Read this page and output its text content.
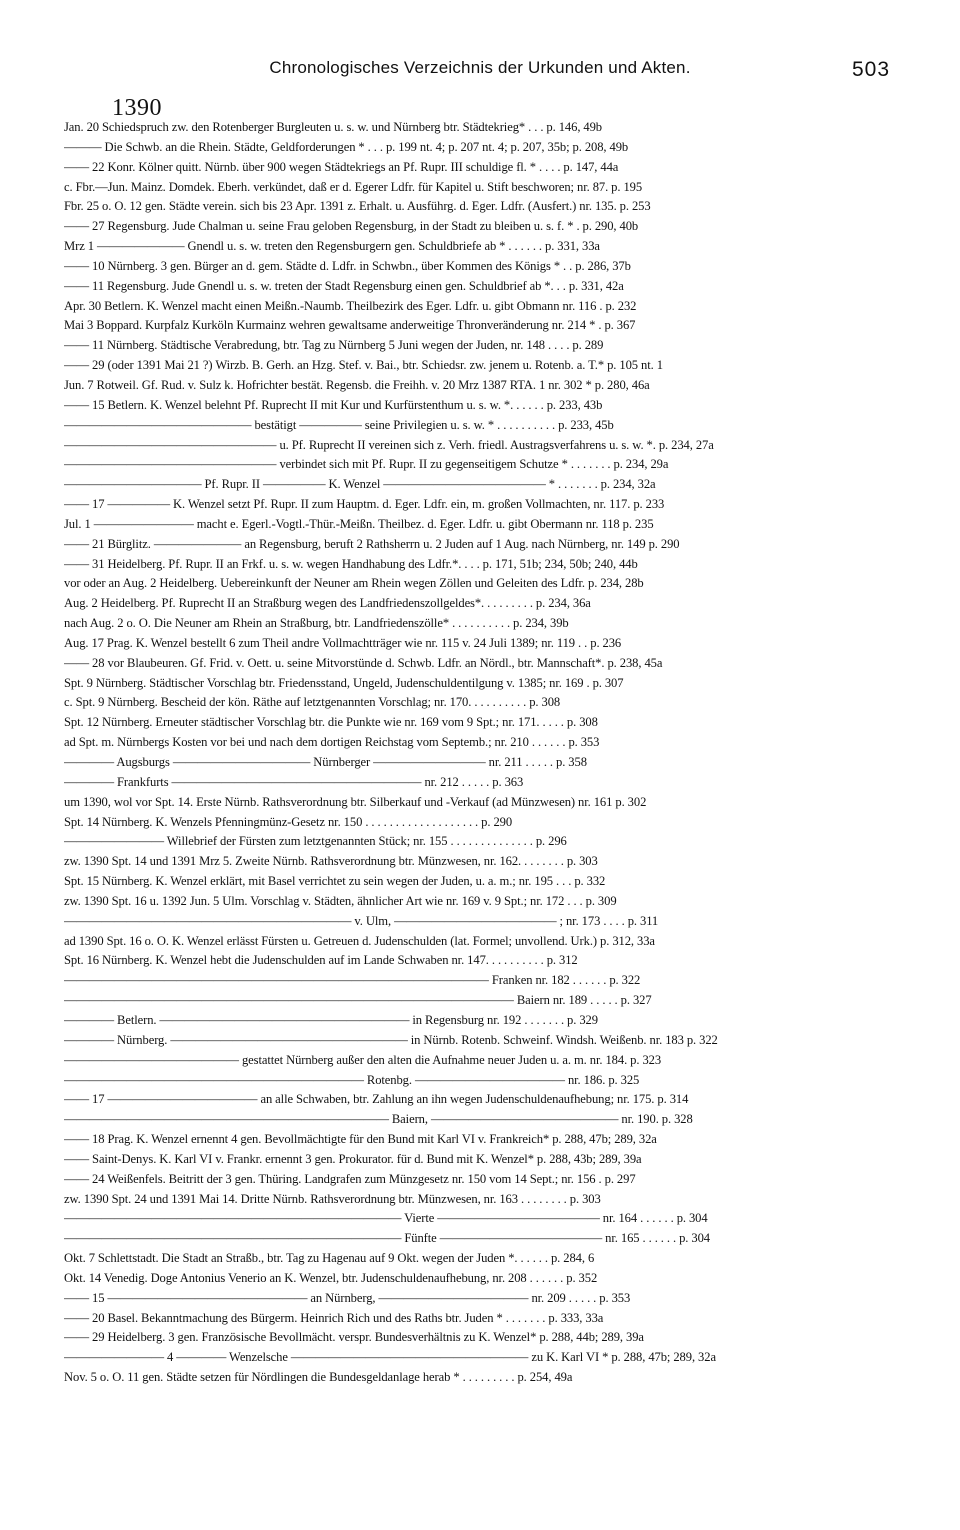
Chronologisches Verzeichnis der Urkunden und Akten.	503
1390
Jan. 20 Schiedspruch zw. den Rotenberger Burgleuten u. s. w. und Nürnberg btr. Städtekrieg* . . . p. 146, 49b
——— Die Schwb. an die Rhein. Städte, Geldforderungen * . . . p. 199 nt. 4; p. 207 nt. 4; p. 207, 35b; p. 208, 49b
—— 22 Konr. Kölner quitt. Nürnb. über 900 wegen Städtekriegs an Pf. Rupr. III schuldige fl. * . . . . p. 147, 44a
c. Fbr.—Jun. Mainz. Domdek. Eberh. verkündet, daß er d. Egerer Ldfr. für Kapitel u. Stift beschworen; nr. 87. p. 195
Fbr. 25 o. O. 12 gen. Städte verein. sich bis 23 Apr. 1391 z. Erhalt. u. Ausführg. d. Eger. Ldfr. (Ausfert.) nr. 135. p. 253
—— 27 Regensburg. Jude Chalman u. seine Frau geloben Regensburg, in der Stadt zu bleiben u. s. f. * . p. 290, 40b
Mrz 1 ——————— Gnendl u. s. w. treten den Regensburgern gen. Schuldbriefe ab * . . . . . . p. 331, 33a
—— 10 Nürnberg. 3 gen. Bürger an d. gem. Städte d. Ldfr. in Schwbn., über Kommen des Königs * . . p. 286, 37b
—— 11 Regensburg. Jude Gnendl u. s. w. treten der Stadt Regensburg einen gen. Schuldbrief ab *. . . p. 331, 42a
Apr. 30 Betlern. K. Wenzel macht einen Meißn.-Naumb. Theilbezirk des Eger. Ldfr. u. gibt Obmann nr. 116 . p. 232
Mai 3 Boppard. Kurpfalz Kurköln Kurmainz wehren gewaltsame anderweitige Thronveränderung nr. 214 * . p. 367
—— 11 Nürnberg. Städtische Verabredung, btr. Tag zu Nürnberg 5 Juni wegen der Juden, nr. 148 . . . . p. 289
—— 29 (oder 1391 Mai 21 ?) Wirzb. B. Gerh. an Hzg. Stef. v. Bai., btr. Schiedsr. zw. jenem u. Rotenb. a. T.* p. 105 nt. 1
Jun. 7 Rotweil. Gf. Rud. v. Sulz k. Hofrichter bestät. Regensb. die Freihh. v. 20 Mrz 1387 RTA. 1 nr. 302 * p. 280, 46a
—— 15 Betlern. K. Wenzel belehnt Pf. Ruprecht II mit Kur und Kurfürstenthum u. s. w. *. . . . . . p. 233, 43b
——————————————— bestätigt ————— seine Privilegien u. s. w. * . . . . . . . . . . p. 233, 45b
————————————————— u. Pf. Ruprecht II vereinen sich z. Verh. friedl. Austragsverfahrens u. s. w. *. p. 234, 27a
————————————————— verbindet sich mit Pf. Rupr. II zu gegenseitigem Schutze * . . . . . . . p. 234, 29a
——————————— Pf. Rupr. II ————— K. Wenzel ————————————— * . . . . . . . p. 234, 32a
—— 17 ————— K. Wenzel setzt Pf. Rupr. II zum Hauptm. d. Eger. Ldfr. ein, m. großen Vollmachten, nr. 117. p. 233
Jul. 1 ———————— macht e. Egerl.-Vogtl.-Thür.-Meißn. Theilbez. d. Eger. Ldfr. u. gibt Obermann nr. 118 p. 235
—— 21 Bürglitz. ——————— an Regensburg, beruft 2 Rathsherrn u. 2 Juden auf 1 Aug. nach Nürnberg, nr. 149 p. 290
—— 31 Heidelberg. Pf. Rupr. II an Frkf. u. s. w. wegen Handhabung des Ldfr.*. . . . p. 171, 51b; 234, 50b; 240, 44b
vor oder an Aug. 2 Heidelberg. Uebereinkunft der Neuner am Rhein wegen Zöllen und Geleiten des Ldfr. p. 234, 28b
Aug. 2 Heidelberg. Pf. Ruprecht II an Straßburg wegen des Landfriedenszollgeldes*. . . . . . . . . p. 234, 36a
nach Aug. 2 o. O. Die Neuner am Rhein an Straßburg, btr. Landfriedenszölle* . . . . . . . . . . p. 234, 39b
Aug. 17 Prag. K. Wenzel bestellt 6 zum Theil andre Vollmachtträger wie nr. 115 v. 24 Juli 1389; nr. 119 . . p. 236
—— 28 vor Blaubeuren. Gf. Frid. v. Oett. u. seine Mitvorstünde d. Schwb. Ldfr. an Nördl., btr. Mannschaft*. p. 238, 45a
Spt. 9 Nürnberg. Städtischer Vorschlag btr. Friedensstand, Ungeld, Judenschuldentilgung v. 1385; nr. 169 . p. 307
c. Spt. 9 Nürnberg. Bescheid der kön. Räthe auf letztgenannten Vorschlag; nr. 170. . . . . . . . . . p. 308
Spt. 12 Nürnberg. Erneuter städtischer Vorschlag btr. die Punkte wie nr. 169 vom 9 Spt.; nr. 171. . . . . p. 308
ad Spt. m. Nürnbergs Kosten vor bei und nach dem dortigen Reichstag vom Septemb.; nr. 210 . . . . . . p. 353
———— Augsburgs ——————————— Nürnberger ————————— nr. 211 . . . . . p. 358
———— Frankfurts ———————————————————— nr. 212 . . . . . p. 363
um 1390, wol vor Spt. 14. Erste Nürnb. Rathsverordnung btr. Silberkauf und -Verkauf (ad Münzwesen) nr. 161 p. 302
Spt. 14 Nürnberg. K. Wenzels Pfenningmünz-Gesetz nr. 150 . . . . . . . . . . . . . . . . . . . p. 290
———————— Willebrief der Fürsten zum letztgenannten Stück; nr. 155 . . . . . . . . . . . . . . p. 296
zw. 1390 Spt. 14 und 1391 Mrz 5. Zweite Nürnb. Rathsverordnung btr. Münzwesen, nr. 162. . . . . . . . p. 303
Spt. 15 Nürnberg. K. Wenzel erklärt, mit Basel verrichtet zu sein wegen der Juden, u. a. m.; nr. 195 . . . p. 332
zw. 1390 Spt. 16 u. 1392 Jun. 5 Ulm. Vorschlag v. Städten, ähnlicher Art wie nr. 169 v. 9 Spt.; nr. 172 . . . p. 309
——————————————————————— v. Ulm, ————————————— ; nr. 173 . . . . p. 311
ad 1390 Spt. 16 o. O. K. Wenzel erlässt Fürsten u. Getreuen d. Judenschulden (lat. Formel; unvollend. Urk.) p. 312, 33a
Spt. 16 Nürnberg. K. Wenzel hebt die Judenschulden auf im Lande Schwaben nr. 147. . . . . . . . . . p. 312
—————————————————————————————————— Franken nr. 182 . . . . . . p. 322
———————————————————————————————————— Baiern nr. 189 . . . . . p. 327
———— Betlern. ———————————————————— in Regensburg nr. 192 . . . . . . . p. 329
———— Nürnberg. ——————————————————— in Nürnb. Rotenb. Schweinf. Windsh. Weißenb. nr. 183 p. 322
—————————————— gestattet Nürnberg außer den alten die Aufnahme neuer Juden u. a. m. nr. 184. p. 323
———————————————————————— Rotenbg. ———————————— nr. 186. p. 325
—— 17 ———————————— an alle Schwaben, btr. Zahlung an ihn wegen Judenschuldenaufhebung; nr. 175. p. 314
—————————————————————————— Baiern, ——————————————— nr. 190. p. 328
—— 18 Prag. K. Wenzel ernennt 4 gen. Bevollmächtigte für den Bund mit Karl VI v. Frankreich* p. 288, 47b; 289, 32a
—— Saint-Denys. K. Karl VI v. Frankr. ernennt 3 gen. Prokurator. für d. Bund mit K. Wenzel* p. 288, 43b; 289, 39a
—— 24 Weißenfels. Beitritt der 3 gen. Thüring. Landgrafen zum Münzgesetz nr. 150 vom 14 Sept.; nr. 156 . p. 297
zw. 1390 Spt. 24 und 1391 Mai 14. Dritte Nürnb. Rathsverordnung btr. Münzwesen, nr. 163 . . . . . . . . p. 303
——————————————————————————— Vierte ————————————— nr. 164 . . . . . . p. 304
——————————————————————————— Fünfte ————————————— nr. 165 . . . . . . p. 304
Okt. 7 Schlettstadt. Die Stadt an Straßb., btr. Tag zu Hagenau auf 9 Okt. wegen der Juden *. . . . . . p. 284, 6
Okt. 14 Venedig. Doge Antonius Venerio an K. Wenzel, btr. Judenschuldenaufhebung, nr. 208 . . . . . . p. 352
—— 15 ———————————————— an Nürnberg, ———————————— nr. 209 . . . . . p. 353
—— 20 Basel. Bekanntmachung des Bürgerm. Heinrich Rich und des Raths btr. Juden * . . . . . . . p. 333, 33a
—— 29 Heidelberg. 3 gen. Französische Bevollmächt. verspr. Bundesverhältnis zu K. Wenzel* p. 288, 44b; 289, 39a
———————— 4 ———— Wenzelsche ——————————————————— zu K. Karl VI * p. 288, 47b; 289, 32a
Nov. 5 o. O. 11 gen. Städte setzen für Nördlingen die Bundesgeldanlage herab * . . . . . . . . . p. 254, 49a
